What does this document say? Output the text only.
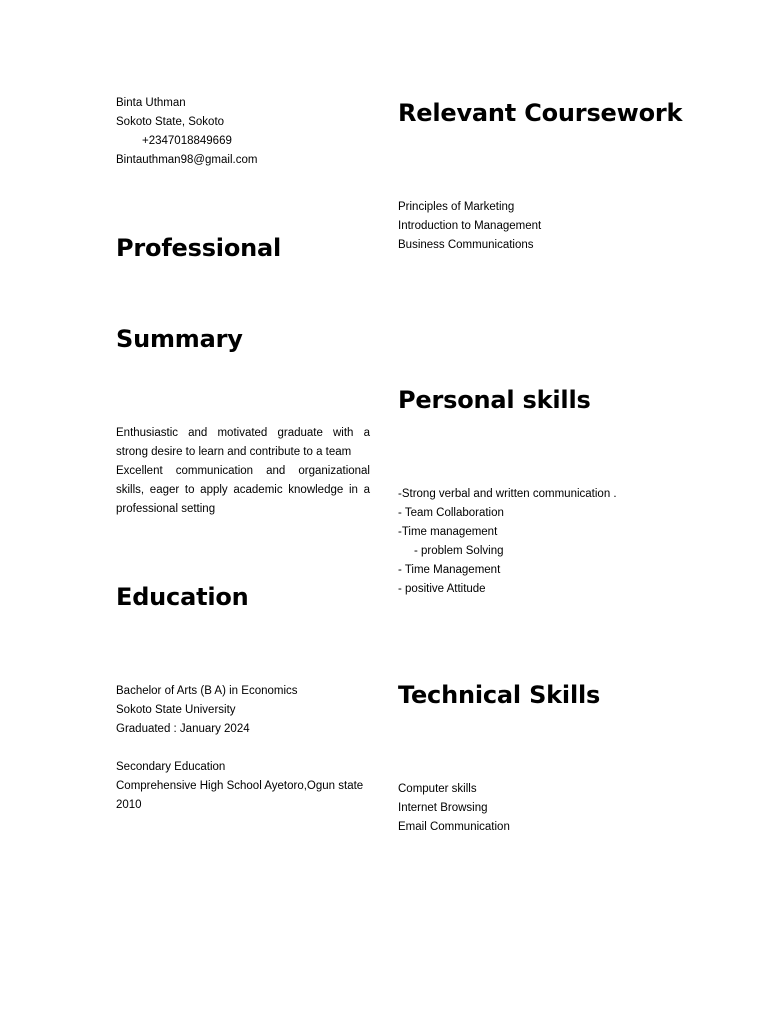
Binta Uthman
Sokoto State, Sokoto
+2347018849669
Bintauthman98@gmail.com
Professional
Summary
Enthusiastic and motivated graduate with a strong desire to learn and contribute to a team
Excellent communication and organizational skills, eager to apply academic knowledge in a professional setting
Education
Bachelor of Arts (B A) in Economics
Sokoto State University
Graduated : January 2024
Secondary Education
Comprehensive High School Ayetoro,Ogun state
2010
Relevant Coursework
Principles of Marketing
Introduction to Management
Business Communications
Personal skills
-Strong verbal and written communication .
- Team Collaboration
-Time management
- problem Solving
- Time Management
- positive Attitude
Technical Skills
Computer skills
Internet Browsing
Email Communication
